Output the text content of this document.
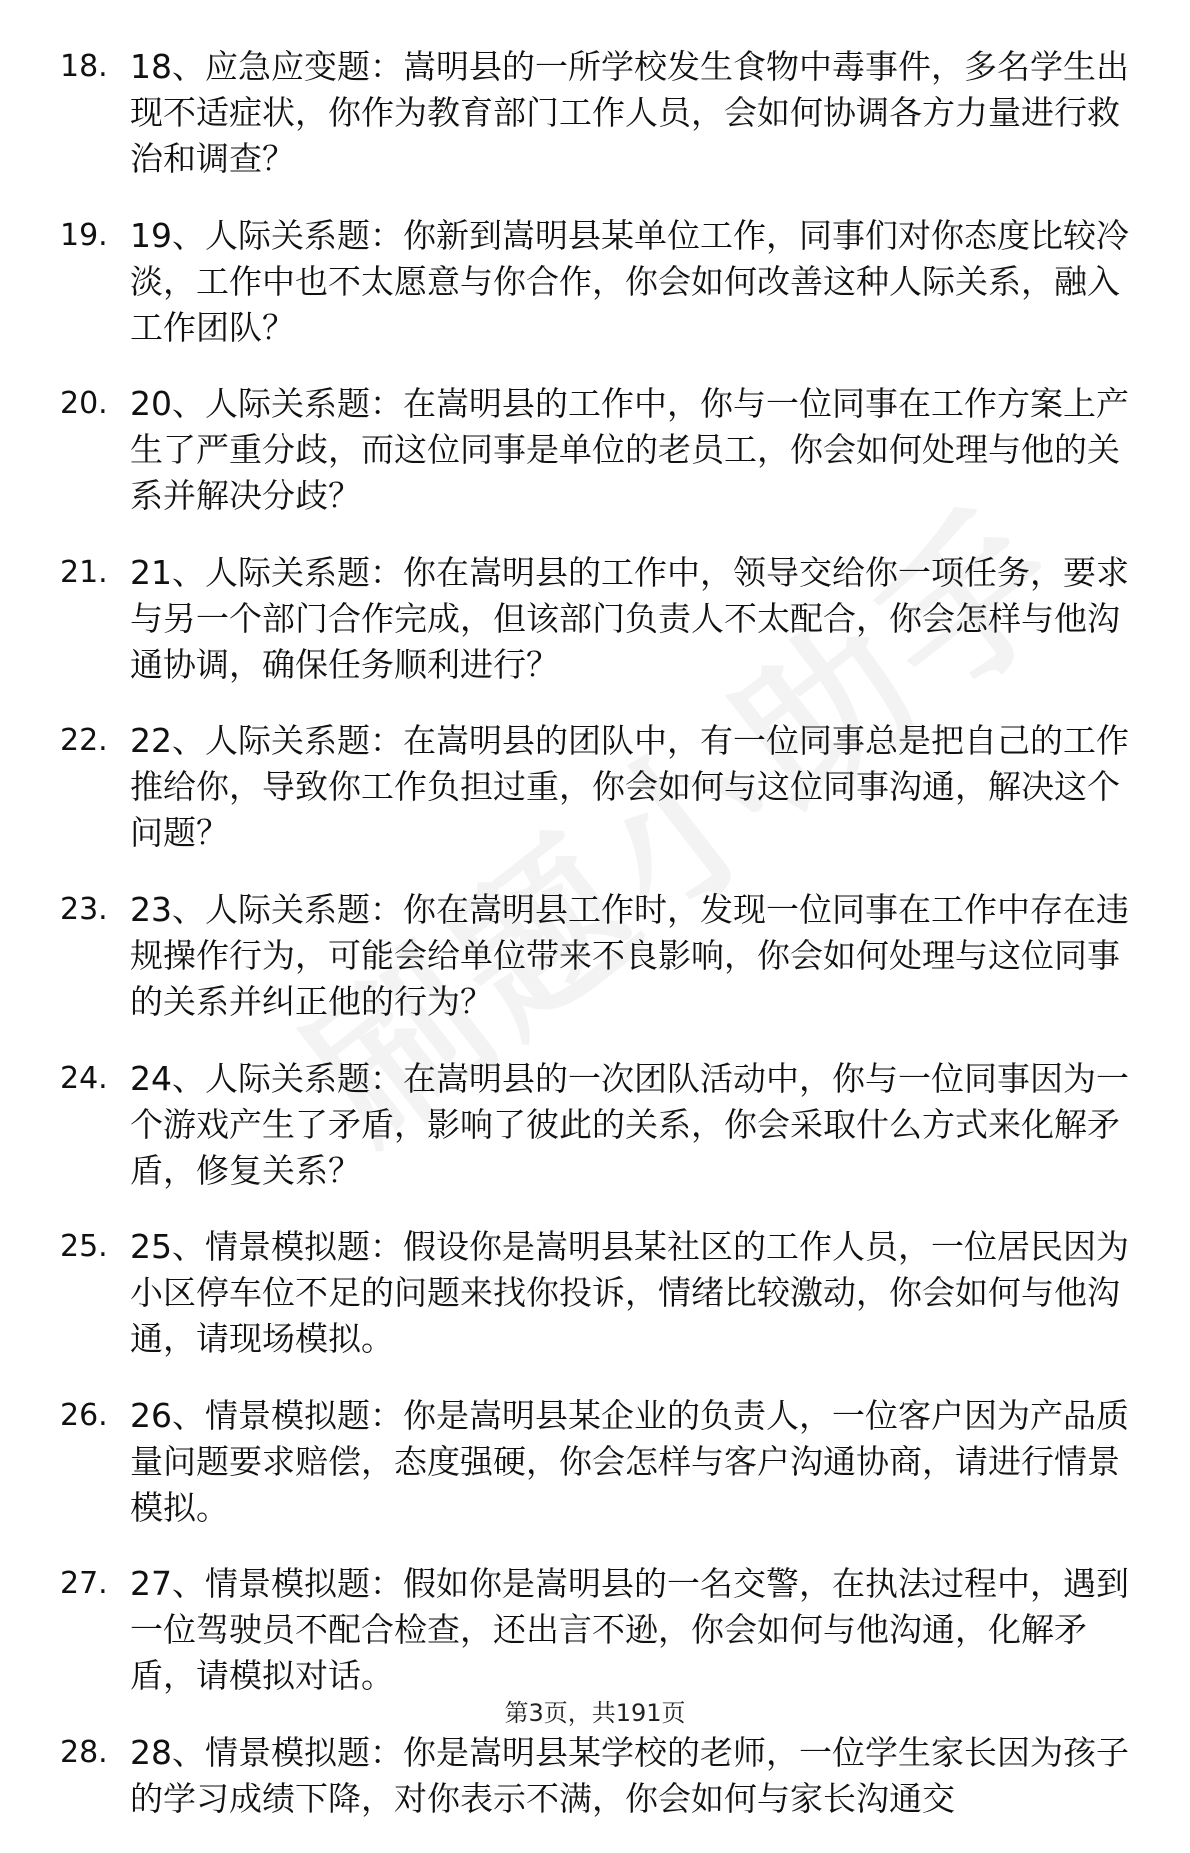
18. 18、应急应变题：嵩明县的一所学校发生食物中毒事件，多名学生出现不适症状，你作为教育部门工作人员，会如何协调各方力量进行救治和调查？
19. 19、人际关系题：你新到嵩明县某单位工作，同事们对你态度比较冷淡，工作中也不太愿意与你合作，你会如何改善这种人际关系，融入工作团队？
20. 20、人际关系题：在嵩明县的工作中，你与一位同事在工作方案上产生了严重分歧，而这位同事是单位的老员工，你会如何处理与他的关系并解决分歧？
21. 21、人际关系题：你在嵩明县的工作中，领导交给你一项任务，要求与另一个部门合作完成，但该部门负责人不太配合，你会怎样与他沟通协调，确保任务顺利进行？
22. 22、人际关系题：在嵩明县的团队中，有一位同事总是把自己的工作推给你，导致你工作负担过重，你会如何与这位同事沟通，解决这个问题？
23. 23、人际关系题：你在嵩明县工作时，发现一位同事在工作中存在违规操作行为，可能会给单位带来不良影响，你会如何处理与这位同事的关系并纠正他的行为？
24. 24、人际关系题：在嵩明县的一次团队活动中，你与一位同事因为一个游戏产生了矛盾，影响了彼此的关系，你会采取什么方式来化解矛盾，修复关系？
25. 25、情景模拟题：假设你是嵩明县某社区的工作人员，一位居民因为小区停车位不足的问题来找你投诉，情绪比较激动，你会如何与他沟通，请现场模拟。
26. 26、情景模拟题：你是嵩明县某企业的负责人，一位客户因为产品质量问题要求赔偿，态度强硬，你会怎样与客户沟通协商，请进行情景模拟。
27. 27、情景模拟题：假如你是嵩明县的一名交警，在执法过程中，遇到一位驾驶员不配合检查，还出言不逊，你会如何与他沟通，化解矛盾，请模拟对话。
28. 28、情景模拟题：你是嵩明县某学校的老师，一位学生家长因为孩子的学习成绩下降，对你表示不满，你会如何与家长沟通交
第3页，共191页
